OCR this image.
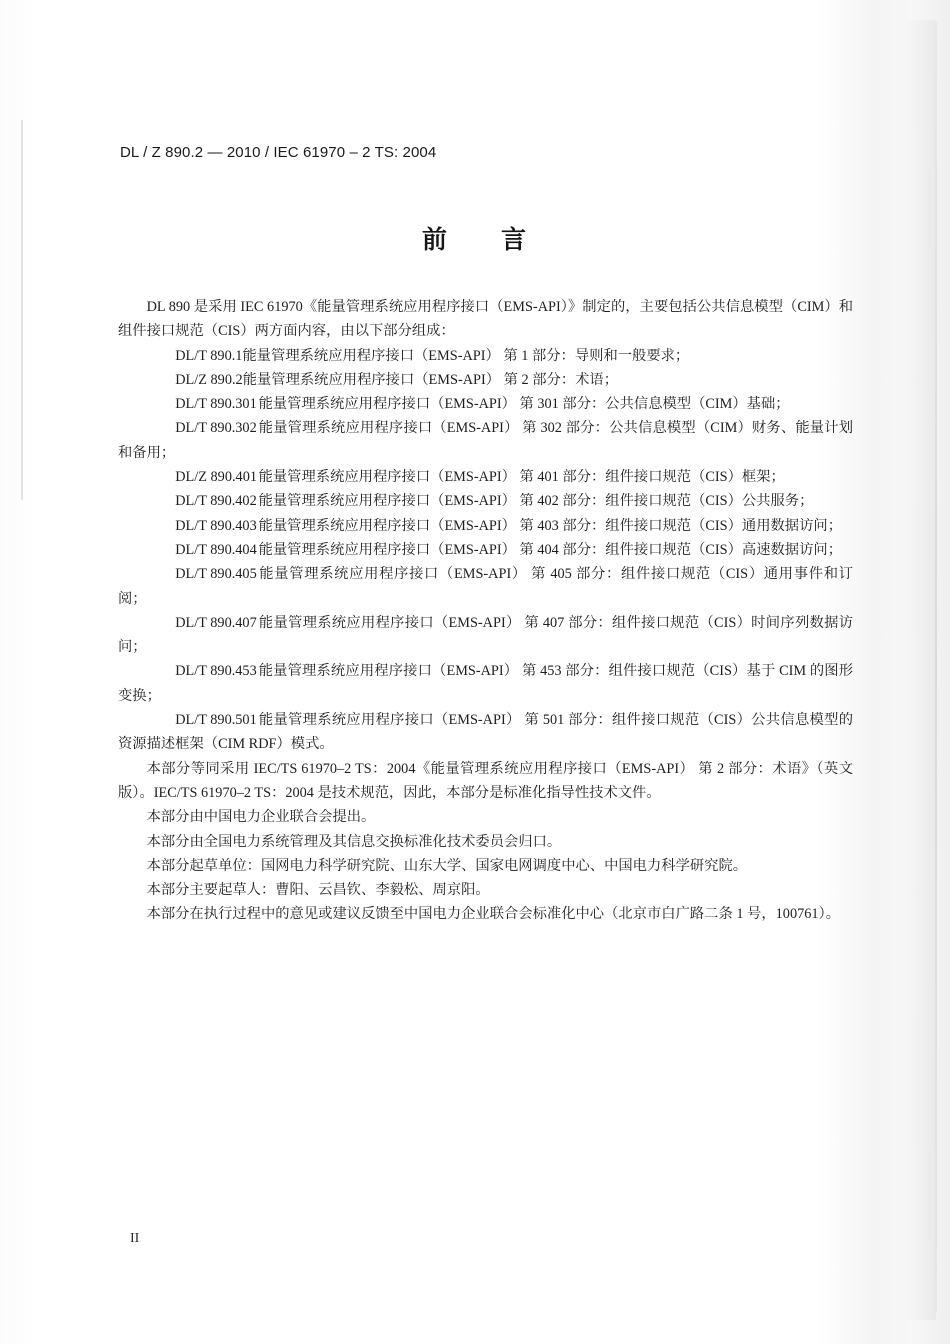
DL / Z 890.2 — 2010 / IEC 61970 – 2 TS: 2004
前 言

DL 890 是采用 IEC 61970《能量管理系统应用程序接口（EMS-API）》制定的，主要包括公共信息模型（CIM）和组件接口规范（CIS）两方面内容，由以下部分组成：

DL/T 890.1能量管理系统应用程序接口（EMS-API） 第 1 部分：导则和一般要求；

DL/Z 890.2能量管理系统应用程序接口（EMS-API） 第 2 部分：术语；

DL/T 890.301 能量管理系统应用程序接口（EMS-API） 第 301 部分：公共信息模型（CIM）基础；

DL/T 890.302 能量管理系统应用程序接口（EMS-API） 第 302 部分：公共信息模型（CIM）财务、能量计划和备用；

DL/Z 890.401 能量管理系统应用程序接口（EMS-API） 第 401 部分：组件接口规范（CIS）框架；

DL/T 890.402 能量管理系统应用程序接口（EMS-API） 第 402 部分：组件接口规范（CIS）公共服务；

DL/T 890.403 能量管理系统应用程序接口（EMS-API） 第 403 部分：组件接口规范（CIS）通用数据访问；

DL/T 890.404 能量管理系统应用程序接口（EMS-API） 第 404 部分：组件接口规范（CIS）高速数据访问；

DL/T 890.405 能量管理系统应用程序接口（EMS-API） 第 405 部分：组件接口规范（CIS）通用事件和订阅；

DL/T 890.407 能量管理系统应用程序接口（EMS-API） 第 407 部分：组件接口规范（CIS）时间序列数据访问；

DL/T 890.453 能量管理系统应用程序接口（EMS-API） 第 453 部分：组件接口规范（CIS）基于 CIM 的图形变换；

DL/T 890.501 能量管理系统应用程序接口（EMS-API） 第 501 部分：组件接口规范（CIS）公共信息模型的资源描述框架（CIM RDF）模式。

本部分等同采用 IEC/TS 61970–2 TS：2004《能量管理系统应用程序接口（EMS-API） 第 2 部分：术语》（英文版）。IEC/TS 61970–2 TS：2004 是技术规范，因此，本部分是标准化指导性技术文件。

本部分由中国电力企业联合会提出。

本部分由全国电力系统管理及其信息交换标准化技术委员会归口。

本部分起草单位：国网电力科学研究院、山东大学、国家电网调度中心、中国电力科学研究院。

本部分主要起草人：曹阳、云昌钦、李毅松、周京阳。

本部分在执行过程中的意见或建议反馈至中国电力企业联合会标准化中心（北京市白广路二条 1 号，100761）。

II
